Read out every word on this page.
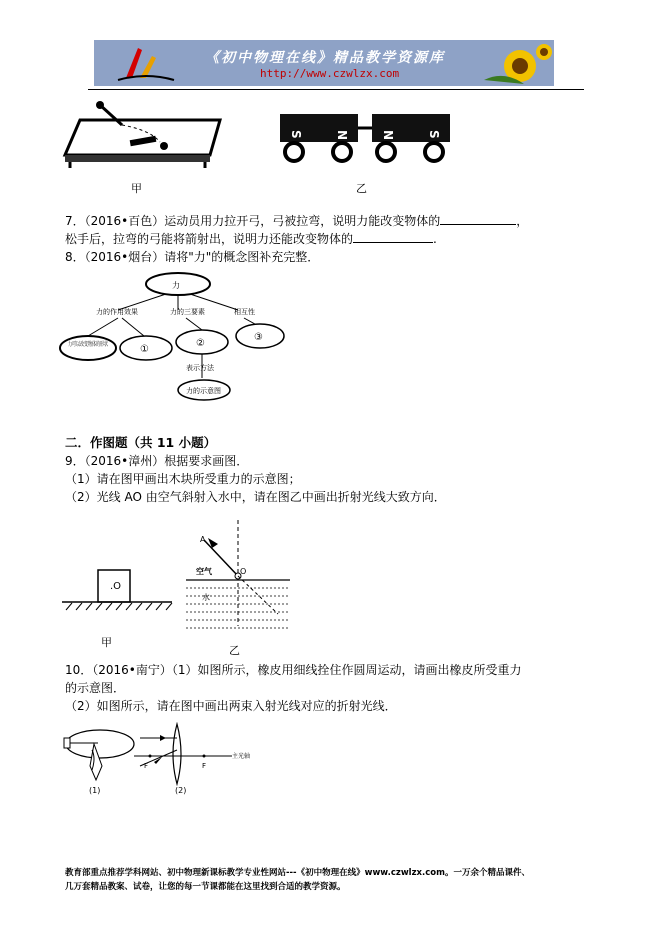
《初中物理在线》精品教学资源库
http://www.czwlzx.com
甲
S	N	N	S
乙
7．（2016•百色）运动员用力拉开弓，弓被拉弯，说明力能改变物体的	，
松手后，拉弯的弓能将箭射出，说明力还能改变物体的	.
8．（2016•烟台）请将"力"的概念图补充完整．
力
力的作用效果	力的三要素	相互性
力可以改变物体的形状 ①
②
③
表示方法
力的示意图
二．作图题（共 11 小题）
9．（2016•漳州）根据要求画图．
（1）请在图甲画出木块所受重力的示意图；
（2）光线 AO 由空气斜射入水中，请在图乙中画出折射光线大致方向．
.O
甲
A
O
空气
水
乙
10．（2016•南宁）（1）如图所示，橡皮用细线拴住作圆周运动，请画出橡皮所受重力
的示意图．
（2）如图所示，请在图中画出两束入射光线对应的折射光线．
(1)
F	F
主光轴
(2)
教育部重点推荐学科网站、初中物理新课标教学专业性网站---《初中物理在线》www.czwlzx.com。一万余个精品课件、
几万套精品教案、试卷，让您的每一节课都能在这里找到合适的教学资源。
